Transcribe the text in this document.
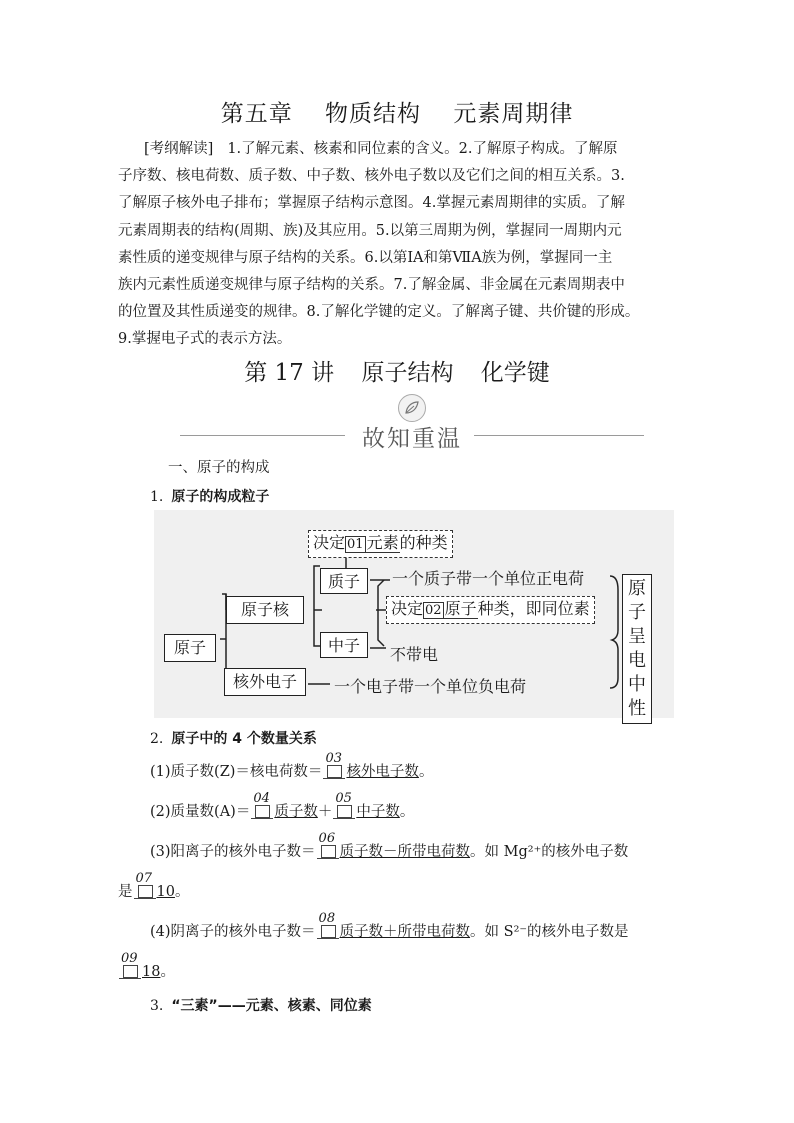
第五章 物质结构 元素周期律
[考纲解读] 1.了解元素、核素和同位素的含义。2.了解原子构成。了解原
子序数、核电荷数、质子数、中子数、核外电子数以及它们之间的相互关系。3.
了解原子核外电子排布；掌握原子结构示意图。4.掌握元素周期律的实质。了解
元素周期表的结构(周期、族)及其应用。5.以第三周期为例，掌握同一周期内元
素性质的递变规律与原子结构的关系。6.以第ⅠA和第ⅦA族为例，掌握同一主
族内元素性质递变规律与原子结构的关系。7.了解金属、非金属在元素周期表中
的位置及其性质递变的规律。8.了解化学键的定义。了解离子键、共价键的形成。
9.掌握电子式的表示方法。
第 17 讲 原子结构 化学键
故知重温
一、原子的构成
1. 原子的构成粒子
原子
原子核
核外电子
质子
中子
决定 01 元素的种类
一个质子带一个单位正电荷
决定 02 原子种类，即同位素
不带电
一个电子带一个单位负电荷
原
子
呈
电
中
性
2. 原子中的 4 个数量关系
(1)质子数(Z)＝核电荷数＝
03
核外电子数。
(2)质量数(A)＝
04
质子数＋
05
中子数。
(3)阳离子的核外电子数＝
06
质子数－所带电荷数。如 Mg²⁺的核外电子数
是
07
10。
(4)阴离子的核外电子数＝
08
质子数＋所带电荷数。如 S²⁻的核外电子数是
09
18。
3. “三素”——元素、核素、同位素
